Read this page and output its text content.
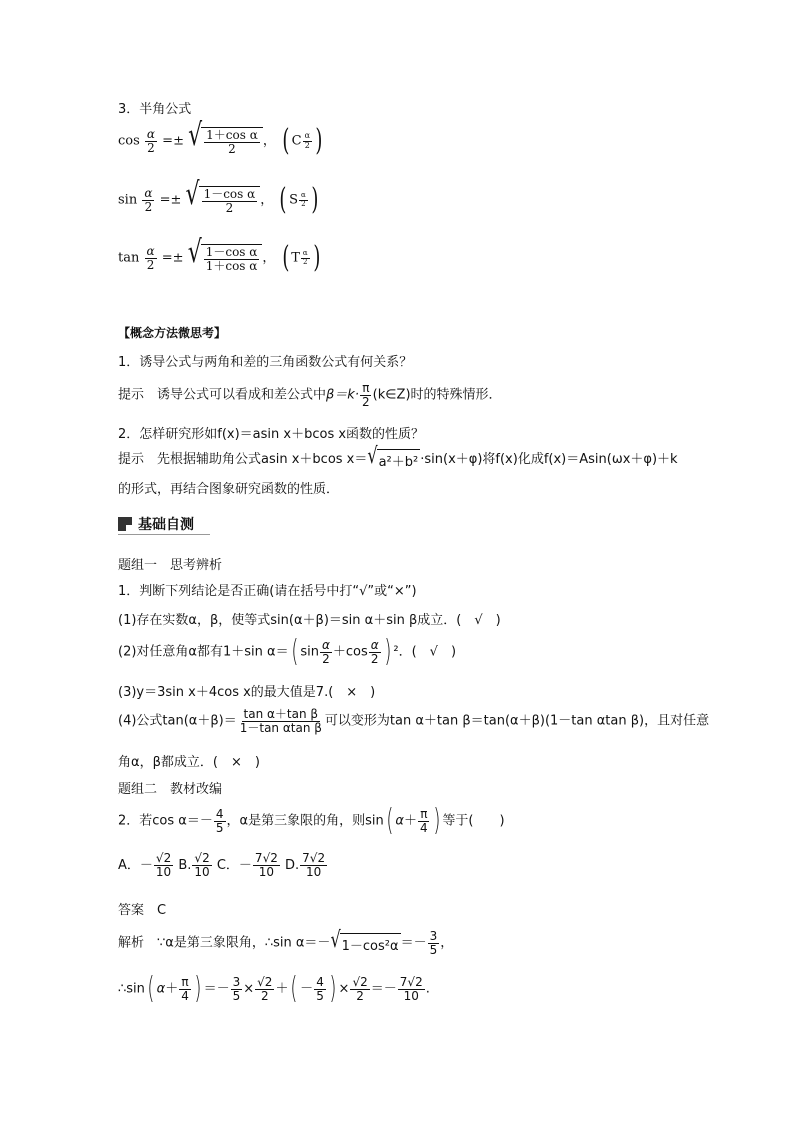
3．半角公式
$\cos \frac{\alpha}{2}$ =± √ $\frac{\text{1＋cos α}}{2}$ ， ( C $\frac{\alpha}{2}$ )
$\sin \frac{\alpha}{2}$ =± √ $\frac{\text{1－cos α}}{2}$ ， ( S $\frac{\alpha}{2}$ )
$\tan \frac{\alpha}{2}$ =± √ $\frac{\text{1－cos α}}{\text{1＋cos α}}$ ， ( T $\frac{\alpha}{2}$ )
【概念方法微思考】
1．诱导公式与两角和差的三角函数公式有何关系？
提示　诱导公式可以看成和差公式中$\beta=k\cdot \frac{\pi}{2}$ (k∈Z)时的特殊情形．
2．怎样研究形如f(x)＝asin x＋bcos x函数的性质？
提示　先根据辅助角公式asin x＋bcos x＝ √ a²＋b² ·sin(x＋φ)将f(x)化成f(x)＝Asin(ωx＋φ)＋k
的形式，再结合图象研究函数的性质．
基础自测
题组一　思考辨析
1．判断下列结论是否正确(请在括号中打“√”或“×”)
(1)存在实数α，β，使等式sin(α＋β)＝sin α＋sin β成立．(　√　)
(2)对任意角α都有1＋sin α＝( $\sin \frac{\alpha}{2} +\cos \frac{\alpha}{2}$ ) ²．(　√　)
(3)y＝3sin x＋4cos x的最大值是7.(　×　)
(4)公式$\tan(\alpha+\beta)= \frac{\text{tan α＋tan β}}{\text{1－tan αtan β}}$ 可以变形为tan α＋tan β＝tan(α＋β)(1－tan αtan β)，且对任意
角α，β都成立．(　×　)
题组二　教材改编
2．若$\cos \alpha=- \frac{4}{5}$ ，α是第三象限的角，则sin( $\alpha+ \frac{\pi}{4}$ ) 等于(　　)
A．－ $\frac{√2}{10} B$. $\frac{√2}{10}$ C．－ $\frac{7√2}{10} D$. $\frac{7√2}{10}$
答案　C
解析　∵α是第三象限角，∴sin α＝－ √ $1-\cos^2\alpha =- \frac{3}{5}$ ，
∴sin( $\alpha+ \frac{\pi}{4}$ ) ＝－ $\frac{3}{5} \times \frac{√2}{2}$ ＋( － $\frac{4}{5}$ ) × $\frac{√2}{2} =- \frac{7√2}{10}$ .
